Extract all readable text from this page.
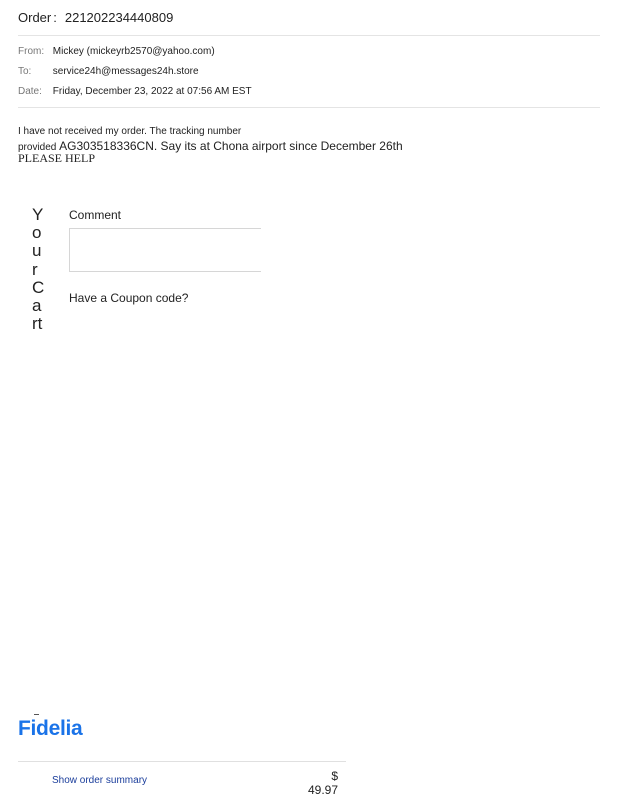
Order : 221202234440809
From: Mickey (mickeyrb2570@yahoo.com)
To: service24h@messages24h.store
Date: Friday, December 23, 2022 at 07:56 AM EST
I have not received my order. The tracking number
provided AG303518336CN. Say its at Chona airport since December 26th
PLEASE HELP
YourCart
Comment
Have a Coupon code?
Fidelia
Show order summary	$
49.97
